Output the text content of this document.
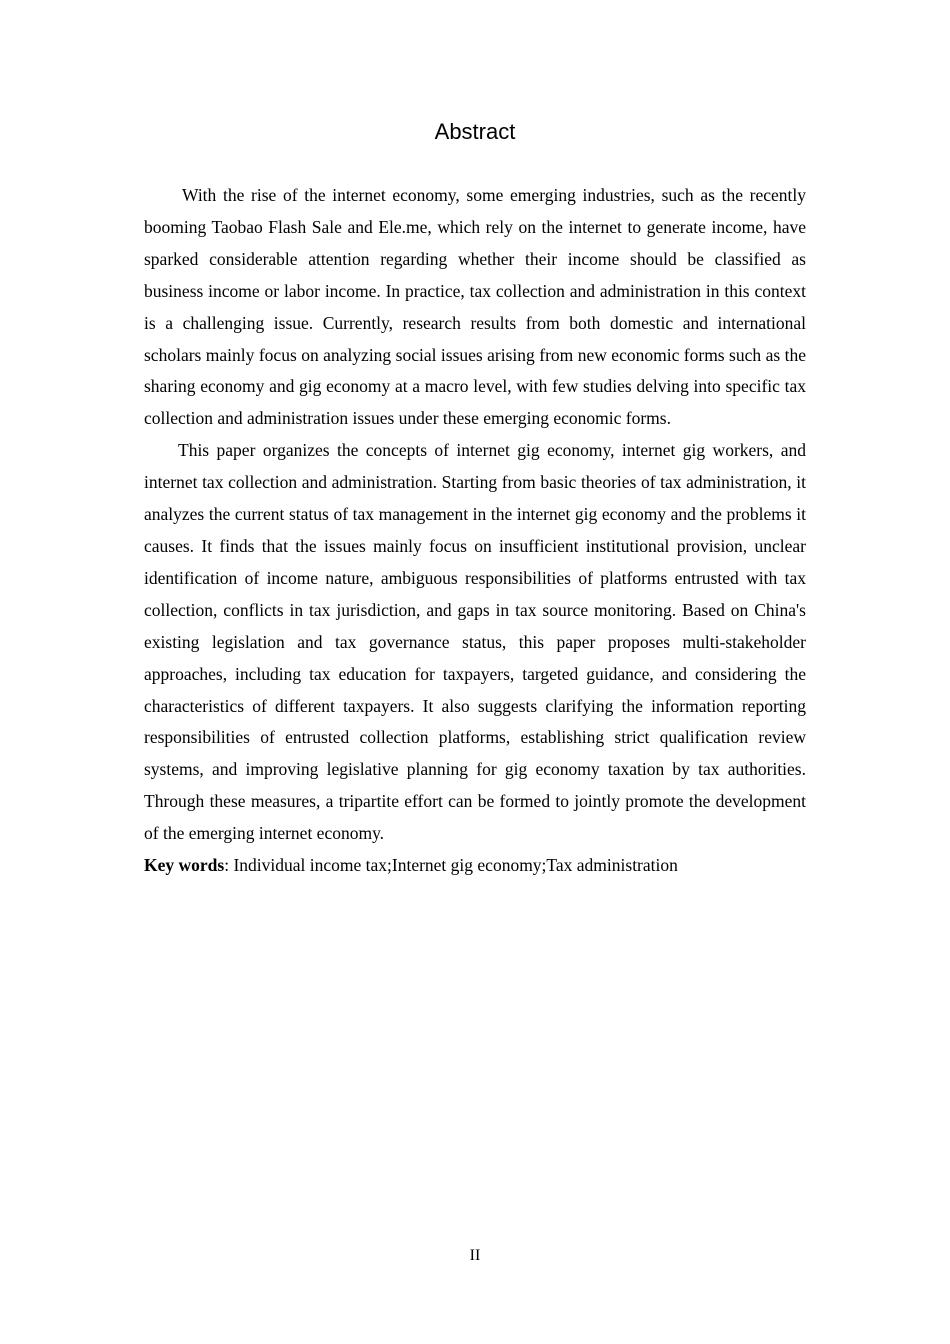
Abstract

With the rise of the internet economy, some emerging industries, such as the recently booming Taobao Flash Sale and Ele.me, which rely on the internet to generate income, have sparked considerable attention regarding whether their income should be classified as business income or labor income. In practice, tax collection and administration in this context is a challenging issue. Currently, research results from both domestic and international scholars mainly focus on analyzing social issues arising from new economic forms such as the sharing economy and gig economy at a macro level, with few studies delving into specific tax collection and administration issues under these emerging economic forms.

This paper organizes the concepts of internet gig economy, internet gig workers, and internet tax collection and administration. Starting from basic theories of tax administration, it analyzes the current status of tax management in the internet gig economy and the problems it causes. It finds that the issues mainly focus on insufficient institutional provision, unclear identification of income nature, ambiguous responsibilities of platforms entrusted with tax collection, conflicts in tax jurisdiction, and gaps in tax source monitoring. Based on China's existing legislation and tax governance status, this paper proposes multi-stakeholder approaches, including tax education for taxpayers, targeted guidance, and considering the characteristics of different taxpayers. It also suggests clarifying the information reporting responsibilities of entrusted collection platforms, establishing strict qualification review systems, and improving legislative planning for gig economy taxation by tax authorities. Through these measures, a tripartite effort can be formed to jointly promote the development of the emerging internet economy.

Key words: Individual income tax;Internet gig economy;Tax administration

II
